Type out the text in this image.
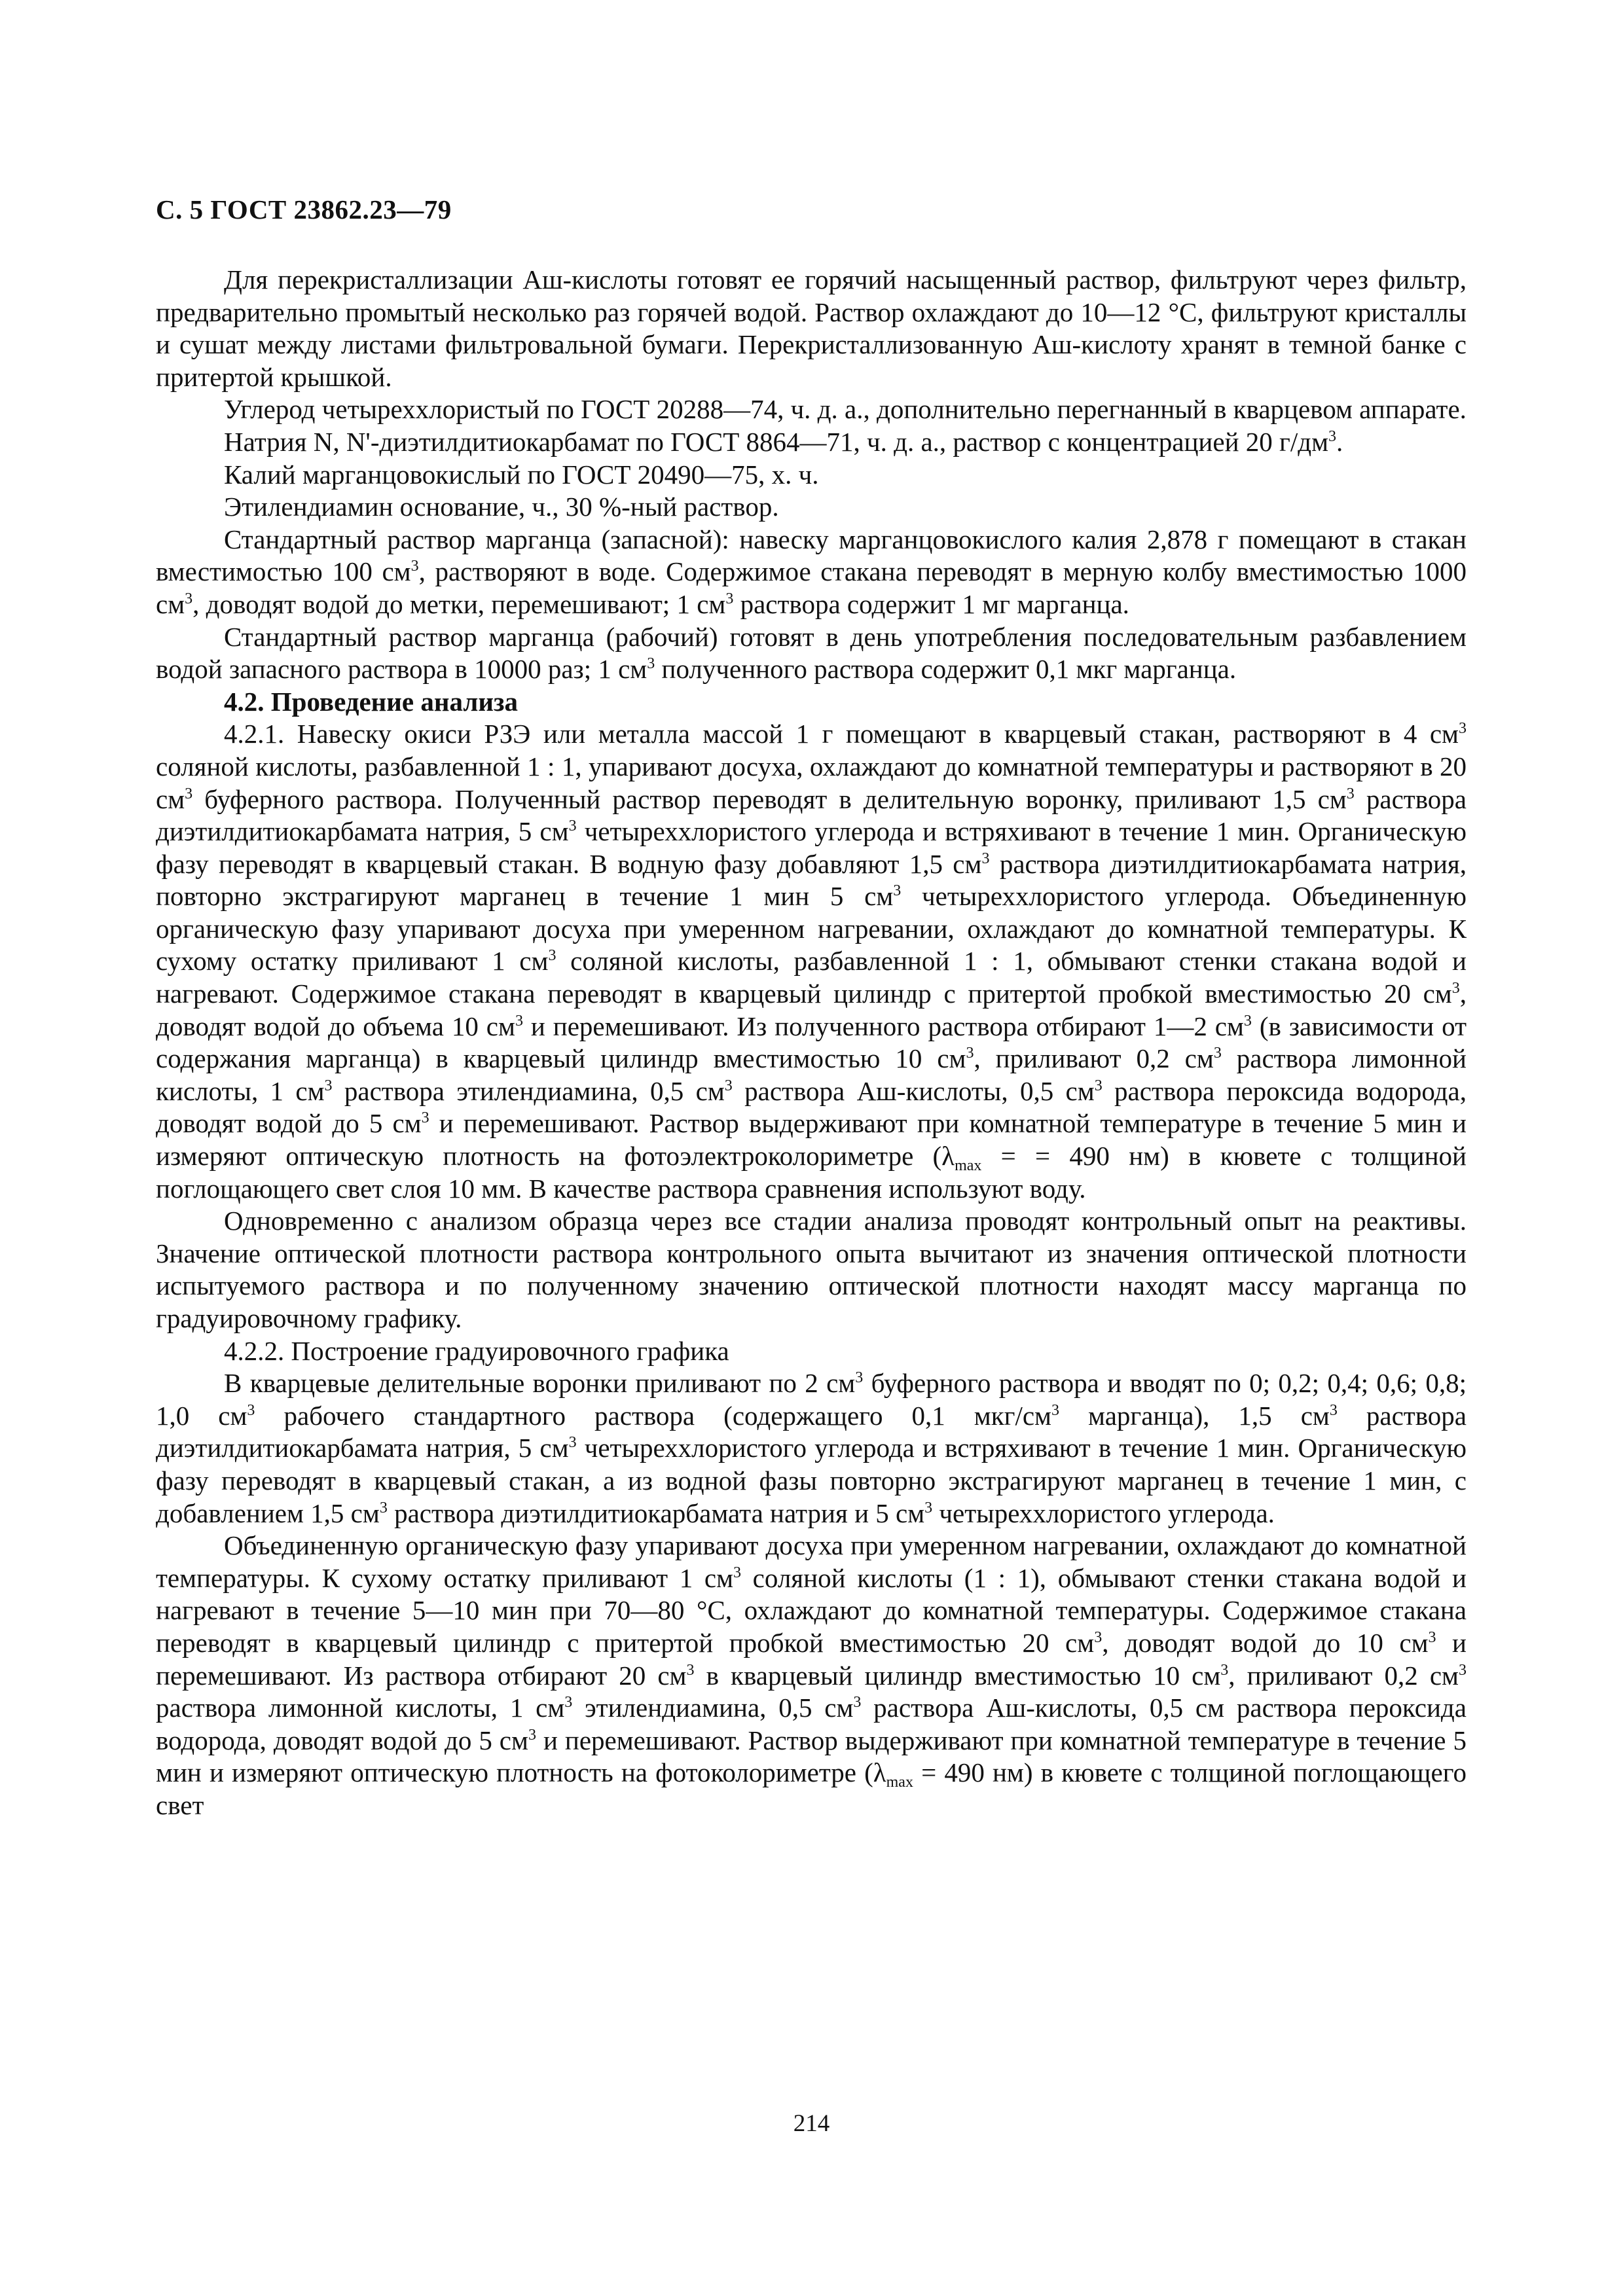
С. 5 ГОСТ 23862.23—79

Для перекристаллизации Аш-кислоты готовят ее горячий насыщенный раствор, фильтруют через фильтр, предварительно промытый несколько раз горячей водой. Раствор охлаждают до 10—12 °С, фильтруют кристаллы и сушат между листами фильтровальной бумаги. Перекристаллизованную Аш-кислоту хранят в темной банке с притертой крышкой.

Углерод четыреххлористый по ГОСТ 20288—74, ч. д. а., дополнительно перегнанный в кварцевом аппарате.

Натрия N, N'-диэтилдитиокарбамат по ГОСТ 8864—71, ч. д. а., раствор с концентрацией 20 $г/дм^3$.

Калий марганцовокислый по ГОСТ 20490—75, х. ч.

Этилендиамин основание, ч., 30 %-ный раствор.

Стандартный раствор марганца (запасной): навеску марганцовокислого калия 2,878 г помещают в стакан вместимостью 100 $см^3$, растворяют в воде. Содержимое стакана переводят в мерную колбу вместимостью 1000 $см^3$, доводят водой до метки, перемешивают; 1 $см^3$ раствора содержит 1 мг марганца.

Стандартный раствор марганца (рабочий) готовят в день употребления последовательным разбавлением водой запасного раствора в 10000 раз; 1 $см^3$ полученного раствора содержит 0,1 мкг марганца.

4.2. Проведение анализа

4.2.1. Навеску окиси РЗЭ или металла массой 1 г помещают в кварцевый стакан, растворяют в 4 $см^3$ соляной кислоты, разбавленной 1 : 1, упаривают досуха, охлаждают до комнатной температуры и растворяют в 20 $см^3$ буферного раствора. Полученный раствор переводят в делительную воронку, приливают 1,5 $см^3$ раствора диэтилдитиокарбамата натрия, 5 $см^3$ четыреххлористого углерода и встряхивают в течение 1 мин. Органическую фазу переводят в кварцевый стакан. В водную фазу добавляют 1,5 $см^3$ раствора диэтилдитиокарбамата натрия, повторно экстрагируют марганец в течение 1 мин 5 $см^3$ четыреххлористого углерода. Объединенную органическую фазу упаривают досуха при умеренном нагревании, охлаждают до комнатной температуры. К сухому остатку приливают 1 $см^3$ соляной кислоты, разбавленной 1 : 1, обмывают стенки стакана водой и нагревают. Содержимое стакана переводят в кварцевый цилиндр с притертой пробкой вместимостью 20 $см^3$, доводят водой до объема 10 $см^3$ и перемешивают. Из полученного раствора отбирают 1—2 $см^3$ (в зависимости от содержания марганца) в кварцевый цилиндр вместимостью 10 $см^3$, приливают 0,2 $см^3$ раствора лимонной кислоты, 1 $см^3$ раствора этилендиамина, 0,5 $см^3$ раствора Аш-кислоты, 0,5 $см^3$ раствора пероксида водорода, доводят водой до 5 $см^3$ и перемешивают. Раствор выдерживают при комнатной температуре в течение 5 мин и измеряют оптическую плотность на фотоэлектроколориметре ($\lambda_{max}$ = = 490 нм) в кювете с толщиной поглощающего свет слоя 10 мм. В качестве раствора сравнения используют воду.

Одновременно с анализом образца через все стадии анализа проводят контрольный опыт на реактивы. Значение оптической плотности раствора контрольного опыта вычитают из значения оптической плотности испытуемого раствора и по полученному значению оптической плотности находят массу марганца по градуировочному графику.

4.2.2. Построение градуировочного графика

В кварцевые делительные воронки приливают по 2 $см^3$ буферного раствора и вводят по 0; 0,2; 0,4; 0,6; 0,8; 1,0 $см^3$ рабочего стандартного раствора (содержащего 0,1 мкг/$см^3$ марганца), 1,5 $см^3$ раствора диэтилдитиокарбамата натрия, 5 $см^3$ четыреххлористого углерода и встряхивают в течение 1 мин. Органическую фазу переводят в кварцевый стакан, а из водной фазы повторно экстрагируют марганец в течение 1 мин, с добавлением 1,5 $см^3$ раствора диэтилдитиокарбамата натрия и 5 $см^3$ четыреххлористого углерода.

Объединенную органическую фазу упаривают досуха при умеренном нагревании, охлаждают до комнатной температуры. К сухому остатку приливают 1 $см^3$ соляной кислоты (1 : 1), обмывают стенки стакана водой и нагревают в течение 5—10 мин при 70—80 °С, охлаждают до комнатной температуры. Содержимое стакана переводят в кварцевый цилиндр с притертой пробкой вместимостью 20 $см^3$, доводят водой до 10 $см^3$ и перемешивают. Из раствора отбирают 20 $см^3$ в кварцевый цилиндр вместимостью 10 $см^3$, приливают 0,2 $см^3$ раствора лимонной кислоты, 1 $см^3$ этилендиамина, 0,5 $см^3$ раствора Аш-кислоты, 0,5 см раствора пероксида водорода, доводят водой до 5 $см^3$ и перемешивают. Раствор выдерживают при комнатной температуре в течение 5 мин и измеряют оптическую плотность на фотоколориметре ($\lambda_{max} = 490$ нм) в кювете с толщиной поглощающего свет

214
